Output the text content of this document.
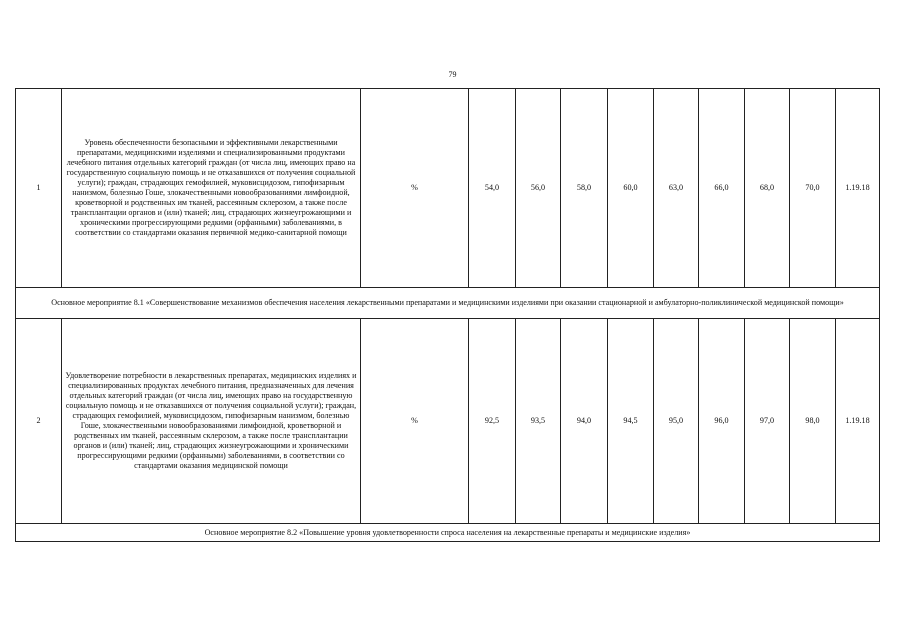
79
1	Уровень обеспеченности безопасными и эффективными лекарственными препаратами, медицинскими изделиями и специализированными продуктами лечебного питания отдельных категорий граждан (от числа лиц, имеющих право на государственную социальную помощь и не отказавшихся от получения социальной услуги); граждан, страдающих гемофилией, муковисцидозом, гипофизарным нанизмом, болезнью Гоше, злокачественными новообразованиями лимфоидной, кроветворной и родственных им тканей, рассеянным склерозом, а также после трансплантации органов и (или) тканей; лиц, страдающих жизнеугрожающими и хроническими прогрессирующими редкими (орфанными) заболеваниями, в соответствии со стандартами оказания первичной медико-санитарной помощи	%	54,0	56,0	58,0	60,0	63,0	66,0	68,0	70,0	1.19.18
Основное мероприятие 8.1 «Совершенствование механизмов обеспечения населения лекарственными препаратами и медицинскими изделиями при оказании стационарной и амбулаторно-поликлинической медицинской помощи»											
2	Удовлетворение потребности в лекарственных препаратах, медицинских изделиях и специализированных продуктах лечебного питания, предназначенных для лечения отдельных категорий граждан (от числа лиц, имеющих право на государственную социальную помощь и не отказавшихся от получения социальной услуги); граждан, страдающих гемофилией, муковисцидозом, гипофизарным нанизмом, болезнью Гоше, злокачественными новообразованиями лимфоидной, кроветворной и родственных им тканей, рассеянным склерозом, а также после трансплантации органов и (или) тканей; лиц, страдающих жизнеугрожающими и хроническими прогрессирующими редкими (орфанными) заболеваниями, в соответствии со стандартами оказания медицинской помощи	%	92,5	93,5	94,0	94,5	95,0	96,0	97,0	98,0	1.19.18
Основное мероприятие 8.2 «Повышение уровня удовлетворенности спроса населения на лекарственные препараты и медицинские изделия»											
